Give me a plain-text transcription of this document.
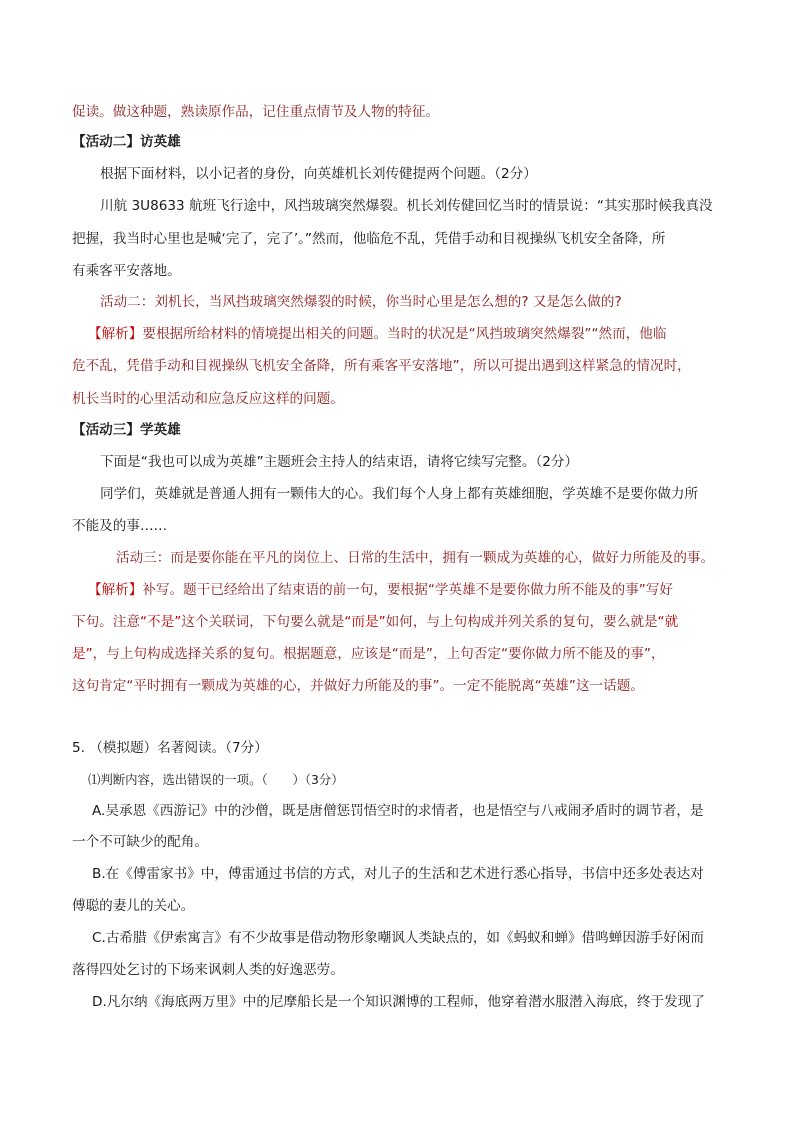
促读。做这种题，熟读原作品，记住重点情节及人物的特征。
【活动二】访英雄
根据下面材料，以小记者的身份，向英雄机长刘传健提两个问题。（2分）
川航 3U8633 航班飞行途中，风挡玻璃突然爆裂。机长刘传健回忆当时的情景说：“其实那时候我真没
把握，我当时心里也是喊‘完了，完了’。”然而，他临危不乱，凭借手动和目视操纵飞机安全备降，所
有乘客平安落地。
活动二：刘机长，当风挡玻璃突然爆裂的时候，你当时心里是怎么想的? 又是怎么做的?
【解析】要根据所给材料的情境提出相关的问题。当时的状况是“风挡玻璃突然爆裂”“然而，他临
危不乱，凭借手动和目视操纵飞机安全备降，所有乘客平安落地”，所以可提出遇到这样紧急的情况时，
机长当时的心里活动和应急反应这样的问题。
【活动三】学英雄
下面是“我也可以成为英雄”主题班会主持人的结束语，请将它续写完整。（2分）
同学们，英雄就是普通人拥有一颗伟大的心。我们每个人身上都有英雄细胞，学英雄不是要你做力所
不能及的事……
活动三：而是要你能在平凡的岗位上、日常的生活中，拥有一颗成为英雄的心，做好力所能及的事。
【解析】补写。题干已经给出了结束语的前一句，要根据“学英雄不是要你做力所不能及的事”写好
下句。注意“不是”这个关联词，下句要么就是“而是”如何，与上句构成并列关系的复句，要么就是“就
是”，与上句构成选择关系的复句。根据题意，应该是“而是”，上句否定“要你做力所不能及的事”，
这句肯定“平时拥有一颗成为英雄的心，并做好力所能及的事”。一定不能脱离“英雄”这一话题。
5. （模拟题）名著阅读。（7分）
⑴判断内容，选出错误的一项。（　　）（3分）
A.吴承恩《西游记》中的沙僧，既是唐僧惩罚悟空时的求情者，也是悟空与八戒闹矛盾时的调节者，是
一个不可缺少的配角。
B.在《傅雷家书》中，傅雷通过书信的方式，对儿子的生活和艺术进行悉心指导，书信中还多处表达对
傅聪的妻儿的关心。
C.古希腊《伊索寓言》有不少故事是借动物形象嘲讽人类缺点的，如《蚂蚁和蝉》借鸣蝉因游手好闲而
落得四处乞讨的下场来讽刺人类的好逸恶劳。
D.凡尔纳《海底两万里》中的尼摩船长是一个知识渊博的工程师，他穿着潜水服潜入海底，终于发现了
